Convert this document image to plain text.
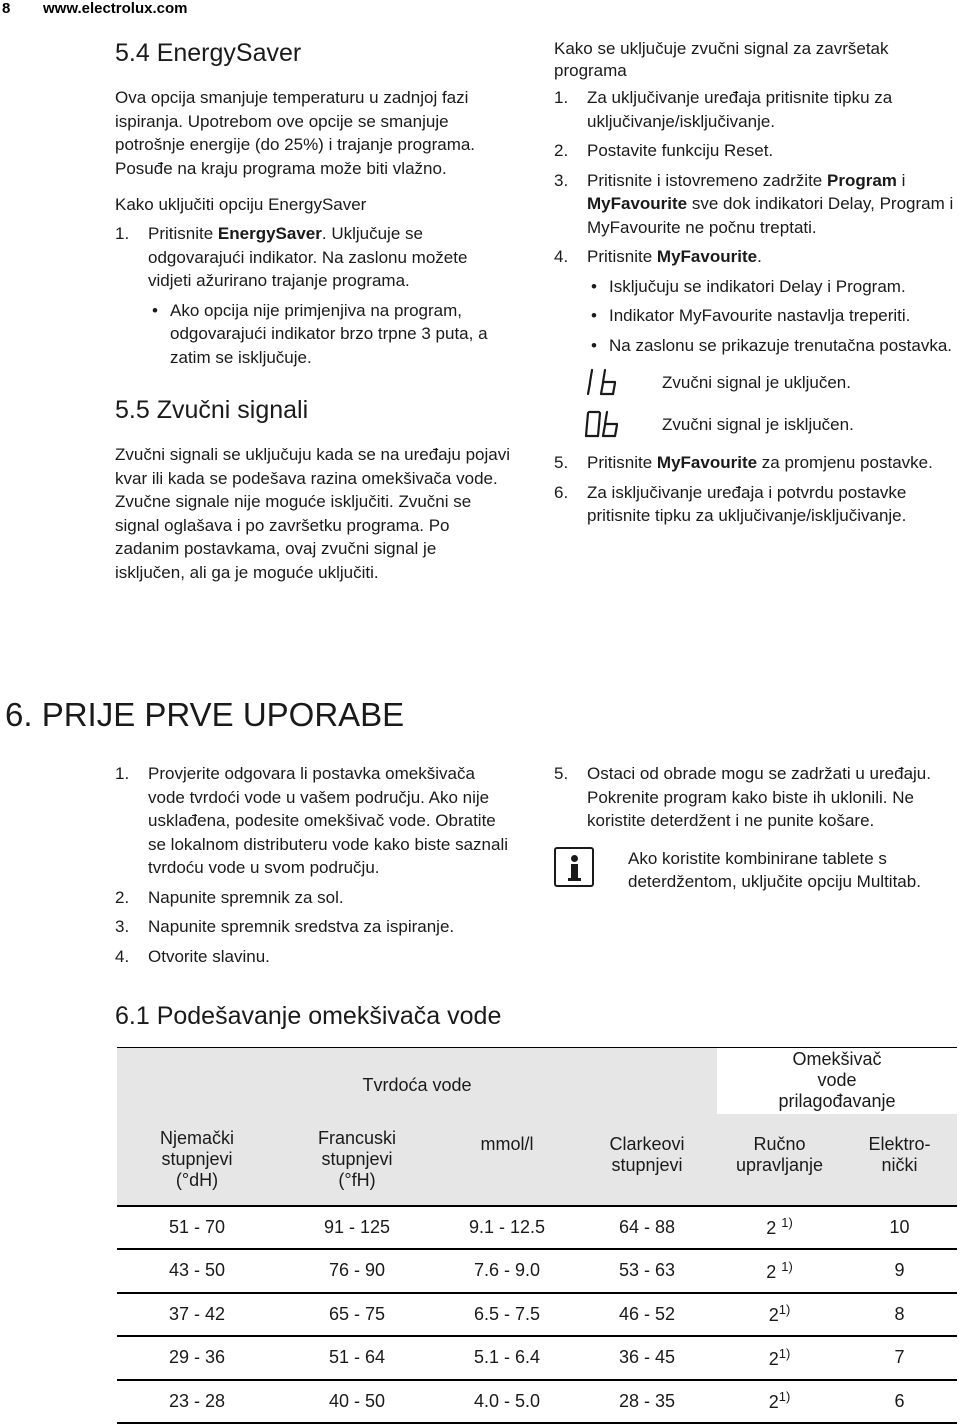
8 www.electrolux.com
5.4 EnergySaver

Ova opcija smanjuje temperaturu u zadnjoj fazi ispiranja. Upotrebom ove opcije se smanjuje potrošnje energije (do 25%) i trajanje programa. Posuđe na kraju programa može biti vlažno.

Kako uključiti opciju EnergySaver
1. Pritisnite EnergySaver. Uključuje se odgovarajući indikator. Na zaslonu možete vidjeti ažurirano trajanje programa.
• Ako opcija nije primjenjiva na program, odgovarajući indikator brzo trpne 3 puta, a zatim se isključuje.
5.5 Zvučni signali

Zvučni signali se uključuju kada se na uređaju pojavi kvar ili kada se podešava razina omekšivača vode. Zvučne signale nije moguće isključiti. Zvučni se signal oglašava i po završetku programa. Po zadanim postavkama, ovaj zvučni signal je isključen, ali ga je moguće uključiti.

Kako se uključuje zvučni signal za završetak programa
1. Za uključivanje uređaja pritisnite tipku za uključivanje/isključivanje.
2. Postavite funkciju Reset.
3. Pritisnite i istovremeno zadržite Program i MyFavourite sve dok indikatori Delay, Program i MyFavourite ne počnu treptati.
4. Pritisnite MyFavourite.
• Isključuju se indikatori Delay i Program.
• Indikator MyFavourite nastavlja treperiti.
• Na zaslonu se prikazuje trenutačna postavka.
Zvučni signal je uključen.
Zvučni signal je isključen.
5. Pritisnite MyFavourite za promjenu postavke.
6. Za isključivanje uređaja i potvrdu postavke pritisnite tipku za uključivanje/isključivanje.
6. PRIJE PRVE UPORABE
1. Provjerite odgovara li postavka omekšivača vode tvrdoći vode u vašem području. Ako nije usklađena, podesite omekšivač vode. Obratite se lokalnom distributeru vode kako biste saznali tvrdoću vode u svom području.
2. Napunite spremnik za sol.
3. Napunite spremnik sredstva za ispiranje.
4. Otvorite slavinu.
5. Ostaci od obrade mogu se zadržati u uređaju. Pokrenite program kako biste ih uklonili. Ne koristite deterdžent i ne punite košare.
Ako koristite kombinirane tablete s deterdžentom, uključite opciju Multitab.
6.1 Podešavanje omekšivača vode
Tvrdoća vode				Omekšivač vode prilagođavanje	
Njemački stupnjevi (°dH)	Francuski stupnjevi (°fH)	mmol/l	Clarkeovi stupnjevi	Ručno upravljanje	Elektro-nički
51 - 70	91 - 125	9.1 - 12.5	64 - 88	2 $^{1)}$	10
43 - 50	76 - 90	7.6 - 9.0	53 - 63	2 $^{1)}$	9
37 - 42	65 - 75	6.5 - 7.5	46 - 52	2$^{1)}$	8
29 - 36	51 - 64	5.1 - 6.4	36 - 45	2$^{1)}$	7
23 - 28	40 - 50	4.0 - 5.0	28 - 35	2$^{1)}$	6
